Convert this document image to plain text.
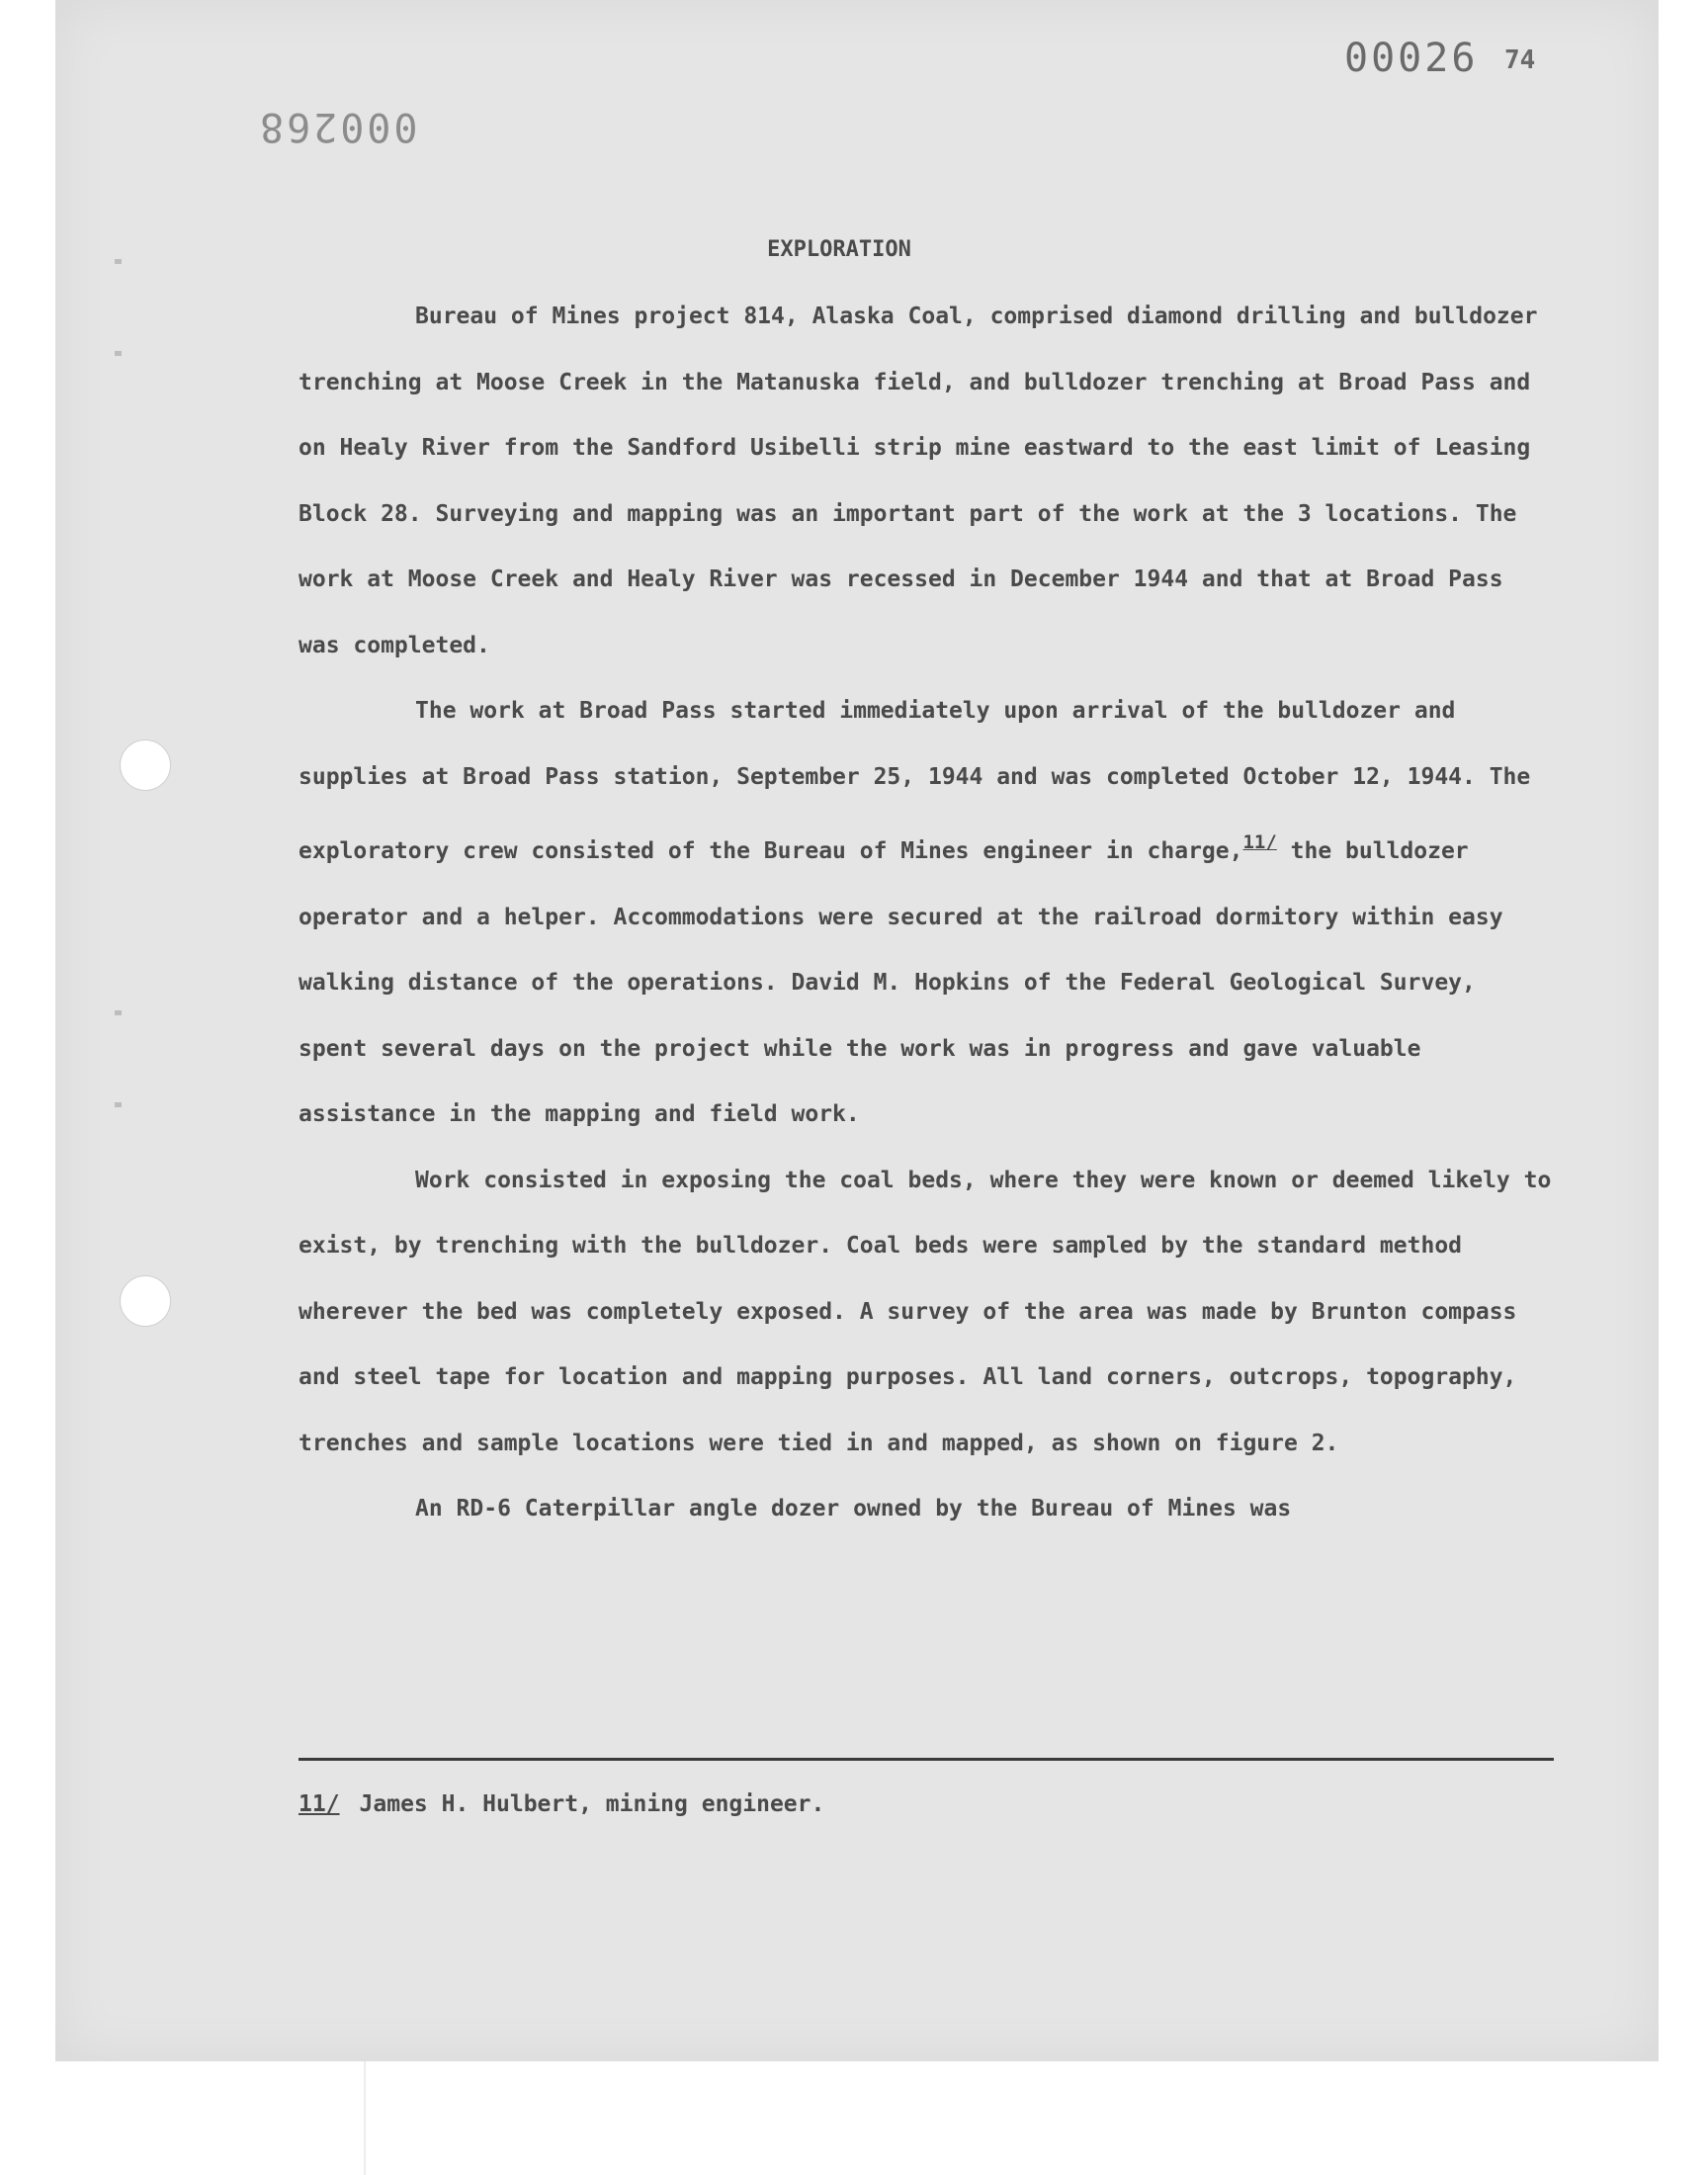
00026 74
000268
EXPLORATION

Bureau of Mines project 814, Alaska Coal, comprised diamond drilling and bulldozer trenching at Moose Creek in the Matanuska field, and bulldozer trenching at Broad Pass and on Healy River from the Sandford Usibelli strip mine eastward to the east limit of Leasing Block 28. Surveying and mapping was an important part of the work at the 3 locations. The work at Moose Creek and Healy River was recessed in December 1944 and that at Broad Pass was completed.

The work at Broad Pass started immediately upon arrival of the bulldozer and supplies at Broad Pass station, September 25, 1944 and was completed October 12, 1944. The exploratory crew consisted of the Bureau of Mines engineer in charge,$^{11/}$ the bulldozer operator and a helper. Accommodations were secured at the railroad dormitory within easy walking distance of the operations. David M. Hopkins of the Federal Geological Survey, spent several days on the project while the work was in progress and gave valuable assistance in the mapping and field work.

Work consisted in exposing the coal beds, where they were known or deemed likely to exist, by trenching with the bulldozer. Coal beds were sampled by the standard method wherever the bed was completely exposed. A survey of the area was made by Brunton compass and steel tape for location and mapping purposes. All land corners, outcrops, topography, trenches and sample locations were tied in and mapped, as shown on figure 2.

An RD-6 Caterpillar angle dozer owned by the Bureau of Mines was

11/ James H. Hulbert, mining engineer.
